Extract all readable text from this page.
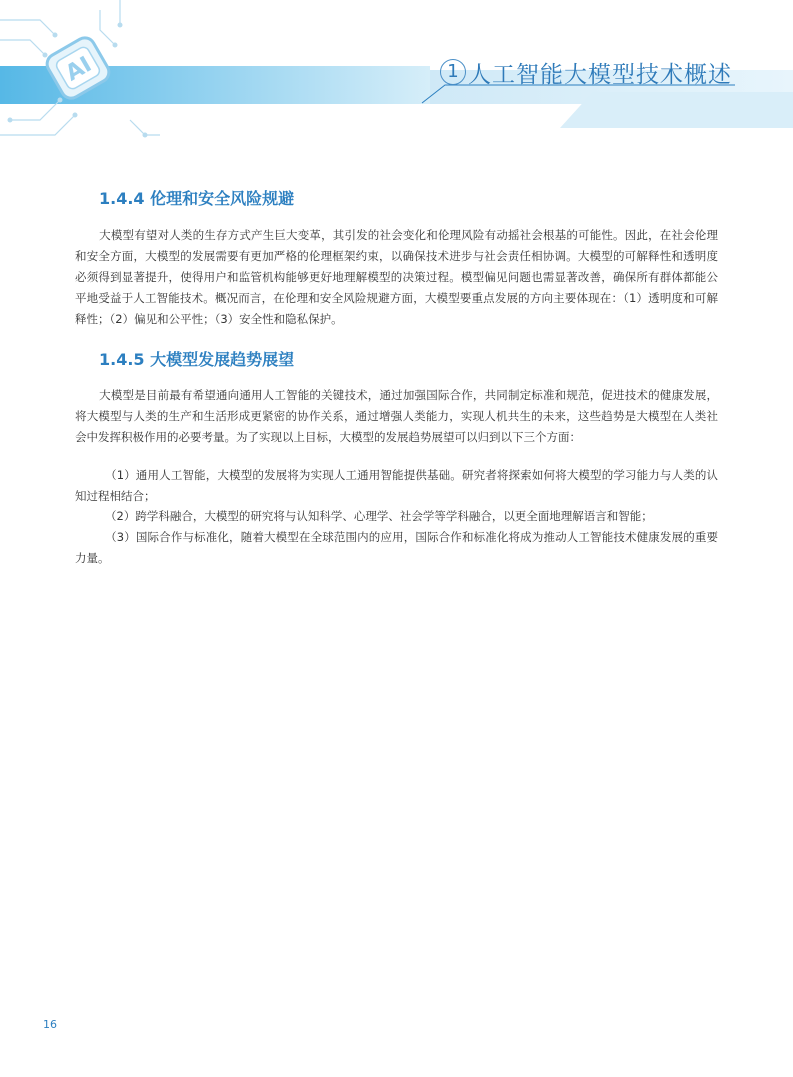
AI	1 人工智能大模型技术概述
1.4.4 伦理和安全风险规避

大模型有望对人类的生存方式产生巨大变革，其引发的社会变化和伦理风险有动摇社会根基的可能性。因此，在社会伦理和安全方面，大模型的发展需要有更加严格的伦理框架约束，以确保技术进步与社会责任相协调。大模型的可解释性和透明度必须得到显著提升，使得用户和监管机构能够更好地理解模型的决策过程。模型偏见问题也需显著改善，确保所有群体都能公平地受益于人工智能技术。概况而言，在伦理和安全风险规避方面，大模型要重点发展的方向主要体现在：（1）透明度和可解释性；（2）偏见和公平性；（3）安全性和隐私保护。

1.4.5 大模型发展趋势展望

大模型是目前最有希望通向通用人工智能的关键技术，通过加强国际合作，共同制定标准和规范，促进技术的健康发展，将大模型与人类的生产和生活形成更紧密的协作关系，通过增强人类能力，实现人机共生的未来，这些趋势是大模型在人类社会中发挥积极作用的必要考量。为了实现以上目标，大模型的发展趋势展望可以归到以下三个方面：

（1）通用人工智能，大模型的发展将为实现人工通用智能提供基础。研究者将探索如何将大模型的学习能力与人类的认知过程相结合；

（2）跨学科融合，大模型的研究将与认知科学、心理学、社会学等学科融合，以更全面地理解语言和智能；

（3）国际合作与标准化，随着大模型在全球范围内的应用，国际合作和标准化将成为推动人工智能技术健康发展的重要力量。

16
